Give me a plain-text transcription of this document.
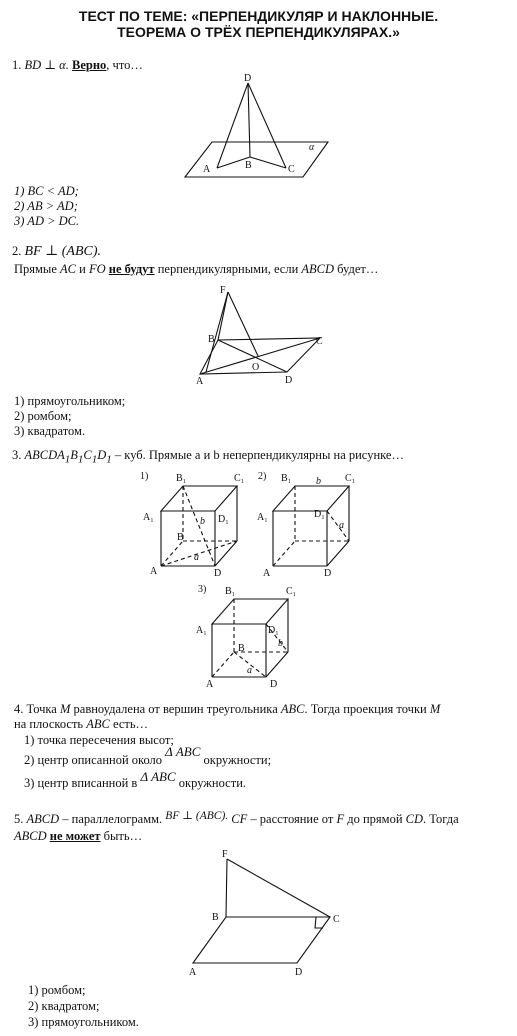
ТЕСТ ПО ТЕМЕ: «ПЕРПЕНДИКУЛЯР И НАКЛОННЫЕ.
ТЕОРЕМА О ТРЁХ ПЕРПЕНДИКУЛЯРАХ.»
1. BD ⊥ α. Верно, что…
D
A	B	C
α
1) BC < AD;
2) AB > AD;
3) AD > DC.
2. BF ⊥ (ABC).
Прямые AC и FO не будут перпендикулярными, если ABCD будет…
F
B	C
O
A	D
1) прямоугольником;
2) ромбом;
3) квадратом.
3. $ABCDA_1B_1C_1D_1$ – куб. Прямые a и b неперпендикулярны на рисунке…
1)	B₁	C₁
A₁	D₁
B
A	D
b
a
2) B₁	C₁
A₁	D₁
A	D
b
a
3) B₁	C₁
A₁	D₁
B
A	D
b
a
4. Точка M равноудалена от вершин треугольника ABC. Тогда проекция точки M
на плоскость ABC есть…
1) точка пересечения высот;
2) центр описанной около Δ ABC окружности;
3) центр вписанной в Δ ABC окружности.
5. ABCD – параллелограмм. BF ⊥ (ABC). CF – расстояние от F до прямой CD. Тогда
ABCD не может быть…
F
B	C
A	D
1) ромбом;
2) квадратом;
3) прямоугольником.
